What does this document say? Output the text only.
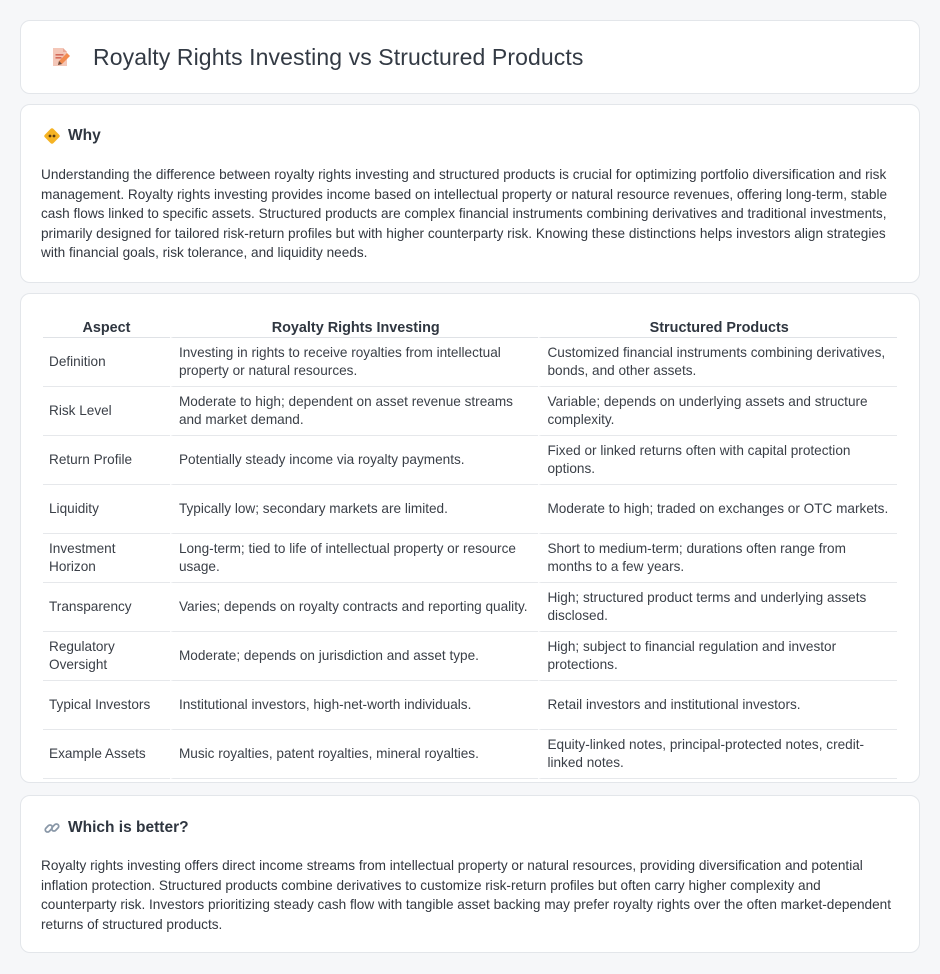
Royalty Rights Investing vs Structured Products
Why

Understanding the difference between royalty rights investing and structured products is crucial for optimizing portfolio diversification and risk management. Royalty rights investing provides income based on intellectual property or natural resource revenues, offering long-term, stable cash flows linked to specific assets. Structured products are complex financial instruments combining derivatives and traditional investments, primarily designed for tailored risk-return profiles but with higher counterparty risk. Knowing these distinctions helps investors align strategies with financial goals, risk tolerance, and liquidity needs.

Aspect	Royalty Rights Investing	Structured Products
Definition	Investing in rights to receive royalties from intellectual property or natural resources.	Customized financial instruments combining derivatives, bonds, and other assets.
Risk Level	Moderate to high; dependent on asset revenue streams and market demand.	Variable; depends on underlying assets and structure complexity.
Return Profile	Potentially steady income via royalty payments.	Fixed or linked returns often with capital protection options.
Liquidity	Typically low; secondary markets are limited.	Moderate to high; traded on exchanges or OTC markets.
Investment Horizon	Long-term; tied to life of intellectual property or resource usage.	Short to medium-term; durations often range from months to a few years.
Transparency	Varies; depends on royalty contracts and reporting quality.	High; structured product terms and underlying assets disclosed.
Regulatory Oversight	Moderate; depends on jurisdiction and asset type.	High; subject to financial regulation and investor protections.
Typical Investors	Institutional investors, high-net-worth individuals.	Retail investors and institutional investors.
Example Assets	Music royalties, patent royalties, mineral royalties.	Equity-linked notes, principal-protected notes, credit-linked notes.
Which is better?

Royalty rights investing offers direct income streams from intellectual property or natural resources, providing diversification and potential inflation protection. Structured products combine derivatives to customize risk-return profiles but often carry higher complexity and counterparty risk. Investors prioritizing steady cash flow with tangible asset backing may prefer royalty rights over the often market-dependent returns of structured products.
